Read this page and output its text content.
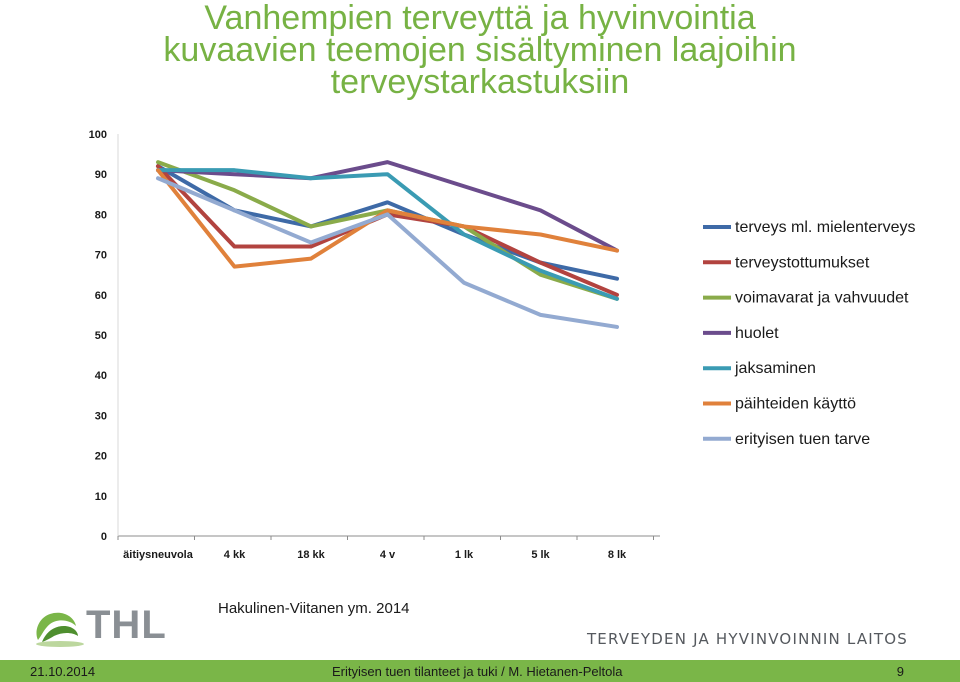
Vanhempien terveyttä ja hyvinvointia
kuvaavien teemojen sisältyminen laajoihin
terveystarkastuksiin
0
10
20
30
40
50
60
70
80
90
100
äitiysneuvola	4 kk	18 kk	4 v	1 lk	5 lk	8 lk
terveys ml. mielenterveys
terveystottumukset
voimavarat ja vahvuudet
huolet
jaksaminen
päihteiden käyttö
erityisen tuen tarve
Hakulinen-Viitanen ym. 2014
THL	TERVEYDEN JA HYVINVOINNIN LAITOS
21.10.2014	Erityisen tuen tilanteet ja tuki / M. Hietanen-Peltola	9
